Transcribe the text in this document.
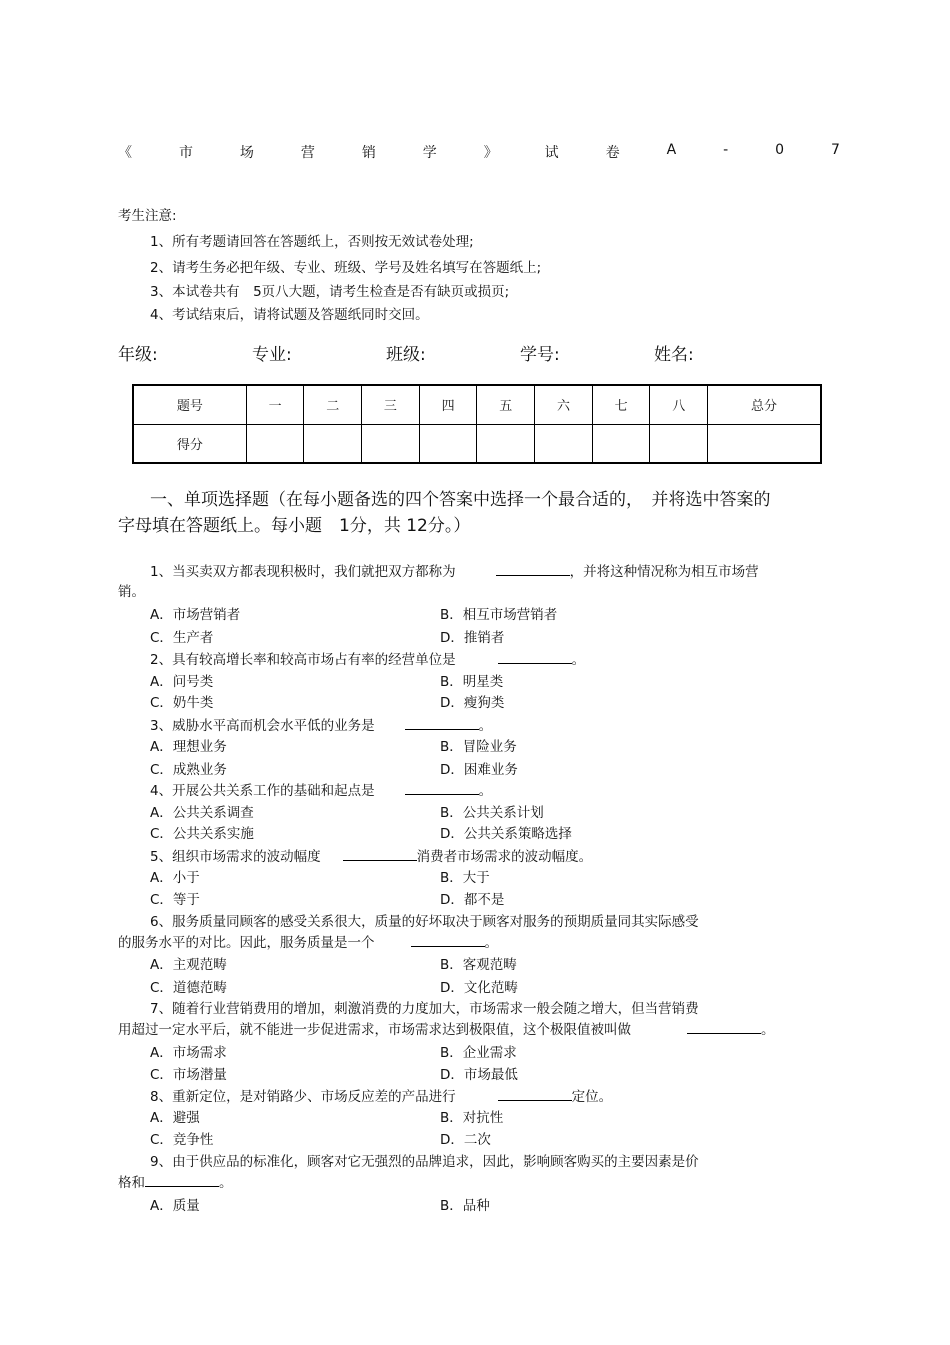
《	市	场	营	销	学	》	试	卷	A	-	0	7
考生注意:
1、所有考题请回答在答题纸上，否则按无效试卷处理;
2、请考生务必把年级、专业、班级、学号及姓名填写在答题纸上;
3、本试卷共有　5页八大题，请考生检查是否有缺页或损页;
4、考试结束后，请将试题及答题纸同时交回。
年级:	专业:	班级:	学号:	姓名:
题号	一	二	三	四	五	六	七	八	总分
得分									
一、单项选择题（在每小题备选的四个答案中选择一个最合适的，　并将选中答案的
字母填在答题纸上。每小题　1分，共 12分。）
1、当买卖双方都表现积极时，我们就把双方都称为	，并将这种情况称为相互市场营
销。
A．市场营销者	B．相互市场营销者
C．生产者	D．推销者
2、具有较高增长率和较高市场占有率的经营单位是	。
A．问号类	B．明星类
C．奶牛类	D．瘦狗类
3、威胁水平高而机会水平低的业务是	。
A．理想业务	B．冒险业务
C．成熟业务	D．困难业务
4、开展公共关系工作的基础和起点是	。
A．公共关系调查	B．公共关系计划
C．公共关系实施	D．公共关系策略选择
5、组织市场需求的波动幅度	消费者市场需求的波动幅度。
A．小于	B．大于
C．等于	D．都不是
6、服务质量同顾客的感受关系很大，质量的好坏取决于顾客对服务的预期质量同其实际感受
的服务水平的对比。因此，服务质量是一个	。
A．主观范畴	B．客观范畴
C．道德范畴	D．文化范畴
7、随着行业营销费用的增加，刺激消费的力度加大，市场需求一般会随之增大，但当营销费
用超过一定水平后，就不能进一步促进需求，市场需求达到极限值，这个极限值被叫做	。
A．市场需求	B．企业需求
C．市场潜量	D．市场最低
8、重新定位，是对销路少、市场反应差的产品进行	定位。
A．避强	B．对抗性
C．竞争性	D．二次
9、由于供应品的标准化，顾客对它无强烈的品牌追求，因此，影响顾客购买的主要因素是价
格和	。
A．质量	B．品种
